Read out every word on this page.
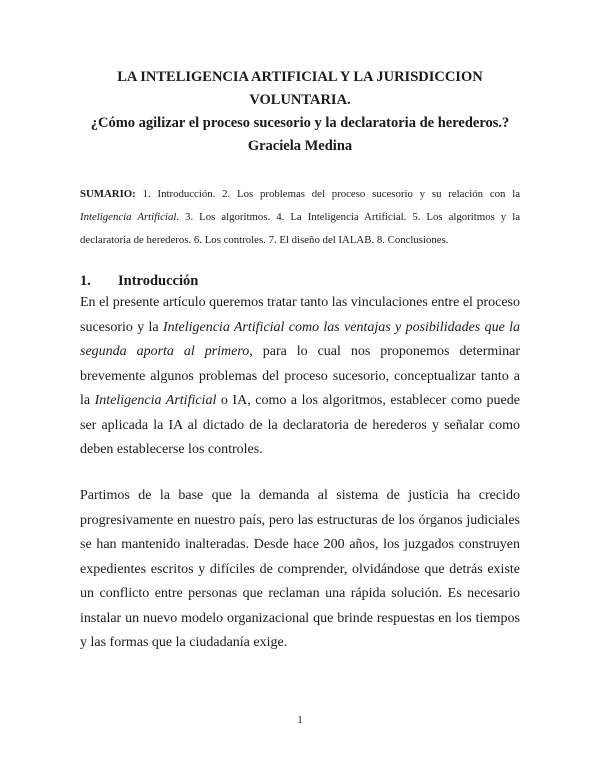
LA INTELIGENCIA ARTIFICIAL Y LA JURISDICCION
VOLUNTARIA.
¿Cómo agilizar el proceso sucesorio y la declaratoria de herederos.?
Graciela Medina
SUMARIO: 1. Introducción. 2. Los problemas del proceso sucesorio y su relación con la Inteligencia Artificial. 3. Los algoritmos. 4. La Inteligencia Artificial. 5. Los algoritmos y la declaratoria de herederos. 6. Los controles. 7. El diseño del IALAB. 8. Conclusiones.
1. Introducción
En el presente artículo queremos tratar tanto las vinculaciones entre el proceso sucesorio y la Inteligencia Artificial como las ventajas y posibilidades que la segunda aporta al primero, para lo cual nos proponemos determinar brevemente algunos problemas del proceso sucesorio, conceptualizar tanto a la Inteligencia Artificial o IA, como a los algoritmos, establecer como puede ser aplicada la IA al dictado de la declaratoria de herederos y señalar como deben establecerse los controles.
Partimos de la base que la demanda al sistema de justicia ha crecido progresivamente en nuestro país, pero las estructuras de los órganos judiciales se han mantenido inalteradas. Desde hace 200 años, los juzgados construyen expedientes escritos y difíciles de comprender, olvidándose que detrás existe un conflicto entre personas que reclaman una rápida solución. Es necesario instalar un nuevo modelo organizacional que brinde respuestas en los tiempos y las formas que la ciudadanía exige.
1
